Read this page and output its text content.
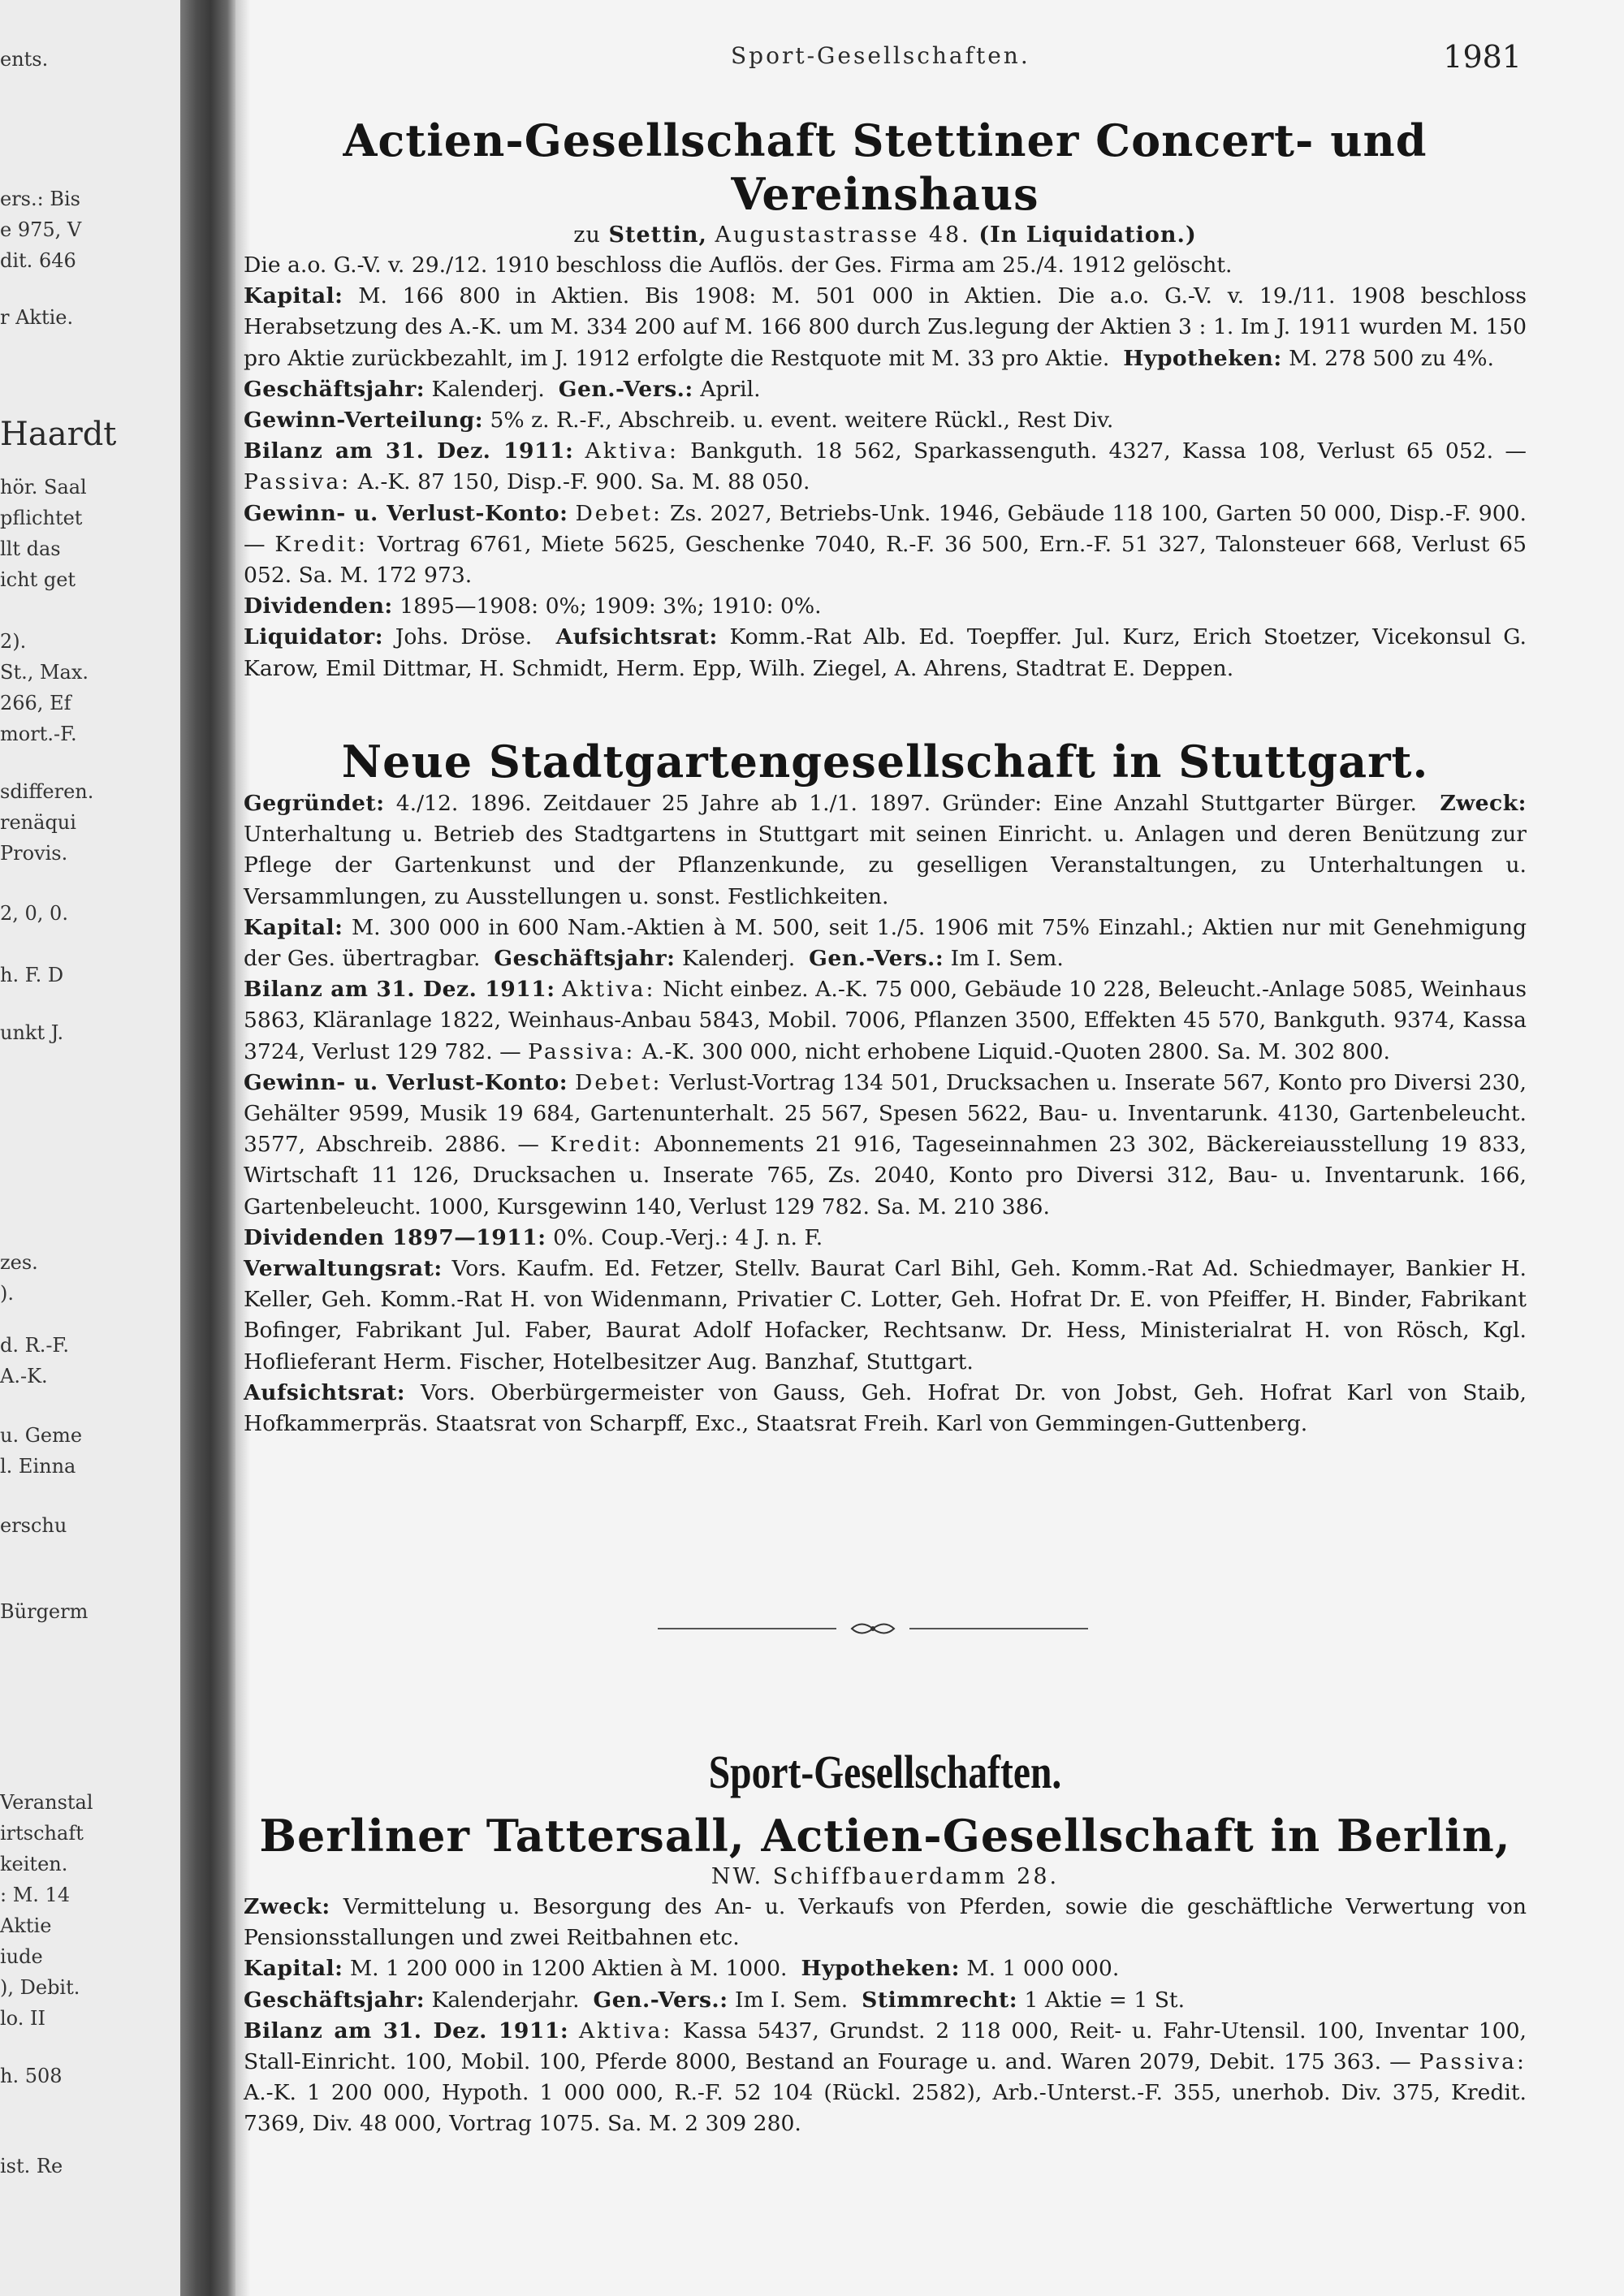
ents.
ers.: Bis
e 975, V
dit. 646
r Aktie.
Haardt
hör. Saal
pflichtet
llt das
icht get
2).
St., Max.
266, Ef
mort.-F.
sdifferen.
renäqui
Provis.
2, 0, 0.
h. F. D
unkt J.
zes.
).
d. R.-F.
A.-K.
u. Geme
l. Einna
erschu
Bürgerm
Veranstal
irtschaft
keiten.
: M. 14
Aktie
iude
), Debit.
lo. II
h. 508
ist. Re
Sport-Gesellschaften.	1981
Actien-Gesellschaft Stettiner Concert- und Vereinshaus
zu Stettin, Augustastrasse 48. (In Liquidation.)

Die a.o. G.-V. v. 29./12. 1910 beschloss die Auflös. der Ges. Firma am 25./4. 1912 gelöscht.

Kapital: M. 166 800 in Aktien. Bis 1908: M. 501 000 in Aktien. Die a.o. G.-V. v. 19./11. 1908 beschloss Herabsetzung des A.-K. um M. 334 200 auf M. 166 800 durch Zus.legung der Aktien 3 : 1. Im J. 1911 wurden M. 150 pro Aktie zurückbezahlt, im J. 1912 erfolgte die Restquote mit M. 33 pro Aktie. Hypotheken: M. 278 500 zu 4%.

Geschäftsjahr: Kalenderj. Gen.-Vers.: April.

Gewinn-Verteilung: 5% z. R.-F., Abschreib. u. event. weitere Rückl., Rest Div.

Bilanz am 31. Dez. 1911: Aktiva: Bankguth. 18 562, Sparkassenguth. 4327, Kassa 108, Verlust 65 052. — Passiva: A.-K. 87 150, Disp.-F. 900. Sa. M. 88 050.

Gewinn- u. Verlust-Konto: Debet: Zs. 2027, Betriebs-Unk. 1946, Gebäude 118 100, Garten 50 000, Disp.-F. 900. — Kredit: Vortrag 6761, Miete 5625, Geschenke 7040, R.-F. 36 500, Ern.-F. 51 327, Talonsteuer 668, Verlust 65 052. Sa. M. 172 973.

Dividenden: 1895—1908: 0%; 1909: 3%; 1910: 0%.

Liquidator: Johs. Dröse. Aufsichtsrat: Komm.-Rat Alb. Ed. Toepffer. Jul. Kurz, Erich Stoetzer, Vicekonsul G. Karow, Emil Dittmar, H. Schmidt, Herm. Epp, Wilh. Ziegel, A. Ahrens, Stadtrat E. Deppen.

Neue Stadtgartengesellschaft in Stuttgart.

Gegründet: 4./12. 1896. Zeitdauer 25 Jahre ab 1./1. 1897. Gründer: Eine Anzahl Stuttgarter Bürger. Zweck: Unterhaltung u. Betrieb des Stadtgartens in Stuttgart mit seinen Einricht. u. Anlagen und deren Benützung zur Pflege der Gartenkunst und der Pflanzenkunde, zu geselligen Veranstaltungen, zu Unterhaltungen u. Versammlungen, zu Ausstellungen u. sonst. Festlichkeiten.

Kapital: M. 300 000 in 600 Nam.-Aktien à M. 500, seit 1./5. 1906 mit 75% Einzahl.; Aktien nur mit Genehmigung der Ges. übertragbar. Geschäftsjahr: Kalenderj. Gen.-Vers.: Im I. Sem.

Bilanz am 31. Dez. 1911: Aktiva: Nicht einbez. A.-K. 75 000, Gebäude 10 228, Beleucht.-Anlage 5085, Weinhaus 5863, Kläranlage 1822, Weinhaus-Anbau 5843, Mobil. 7006, Pflanzen 3500, Effekten 45 570, Bankguth. 9374, Kassa 3724, Verlust 129 782. — Passiva: A.-K. 300 000, nicht erhobene Liquid.-Quoten 2800. Sa. M. 302 800.

Gewinn- u. Verlust-Konto: Debet: Verlust-Vortrag 134 501, Drucksachen u. Inserate 567, Konto pro Diversi 230, Gehälter 9599, Musik 19 684, Gartenunterhalt. 25 567, Spesen 5622, Bau- u. Inventarunk. 4130, Gartenbeleucht. 3577, Abschreib. 2886. — Kredit: Abonnements 21 916, Tageseinnahmen 23 302, Bäckereiausstellung 19 833, Wirtschaft 11 126, Drucksachen u. Inserate 765, Zs. 2040, Konto pro Diversi 312, Bau- u. Inventarunk. 166, Gartenbeleucht. 1000, Kursgewinn 140, Verlust 129 782. Sa. M. 210 386.

Dividenden 1897—1911: 0%. Coup.-Verj.: 4 J. n. F.

Verwaltungsrat: Vors. Kaufm. Ed. Fetzer, Stellv. Baurat Carl Bihl, Geh. Komm.-Rat Ad. Schiedmayer, Bankier H. Keller, Geh. Komm.-Rat H. von Widenmann, Privatier C. Lotter, Geh. Hofrat Dr. E. von Pfeiffer, H. Binder, Fabrikant Bofinger, Fabrikant Jul. Faber, Baurat Adolf Hofacker, Rechtsanw. Dr. Hess, Ministerialrat H. von Rösch, Kgl. Hoflieferant Herm. Fischer, Hotelbesitzer Aug. Banzhaf, Stuttgart.

Aufsichtsrat: Vors. Oberbürgermeister von Gauss, Geh. Hofrat Dr. von Jobst, Geh. Hofrat Karl von Staib, Hofkammerpräs. Staatsrat von Scharpff, Exc., Staatsrat Freih. Karl von Gemmingen-Guttenberg.

Sport-Gesellschaften.
Berliner Tattersall, Actien-Gesellschaft in Berlin,
NW. Schiffbauerdamm 28.

Zweck: Vermittelung u. Besorgung des An- u. Verkaufs von Pferden, sowie die geschäftliche Verwertung von Pensionsstallungen und zwei Reitbahnen etc.

Kapital: M. 1 200 000 in 1200 Aktien à M. 1000. Hypotheken: M. 1 000 000.

Geschäftsjahr: Kalenderjahr. Gen.-Vers.: Im I. Sem. Stimmrecht: 1 Aktie = 1 St.

Bilanz am 31. Dez. 1911: Aktiva: Kassa 5437, Grundst. 2 118 000, Reit- u. Fahr-Utensil. 100, Inventar 100, Stall-Einricht. 100, Mobil. 100, Pferde 8000, Bestand an Fourage u. and. Waren 2079, Debit. 175 363. — Passiva: A.-K. 1 200 000, Hypoth. 1 000 000, R.-F. 52 104 (Rückl. 2582), Arb.-Unterst.-F. 355, unerhob. Div. 375, Kredit. 7369, Div. 48 000, Vortrag 1075. Sa. M. 2 309 280.
